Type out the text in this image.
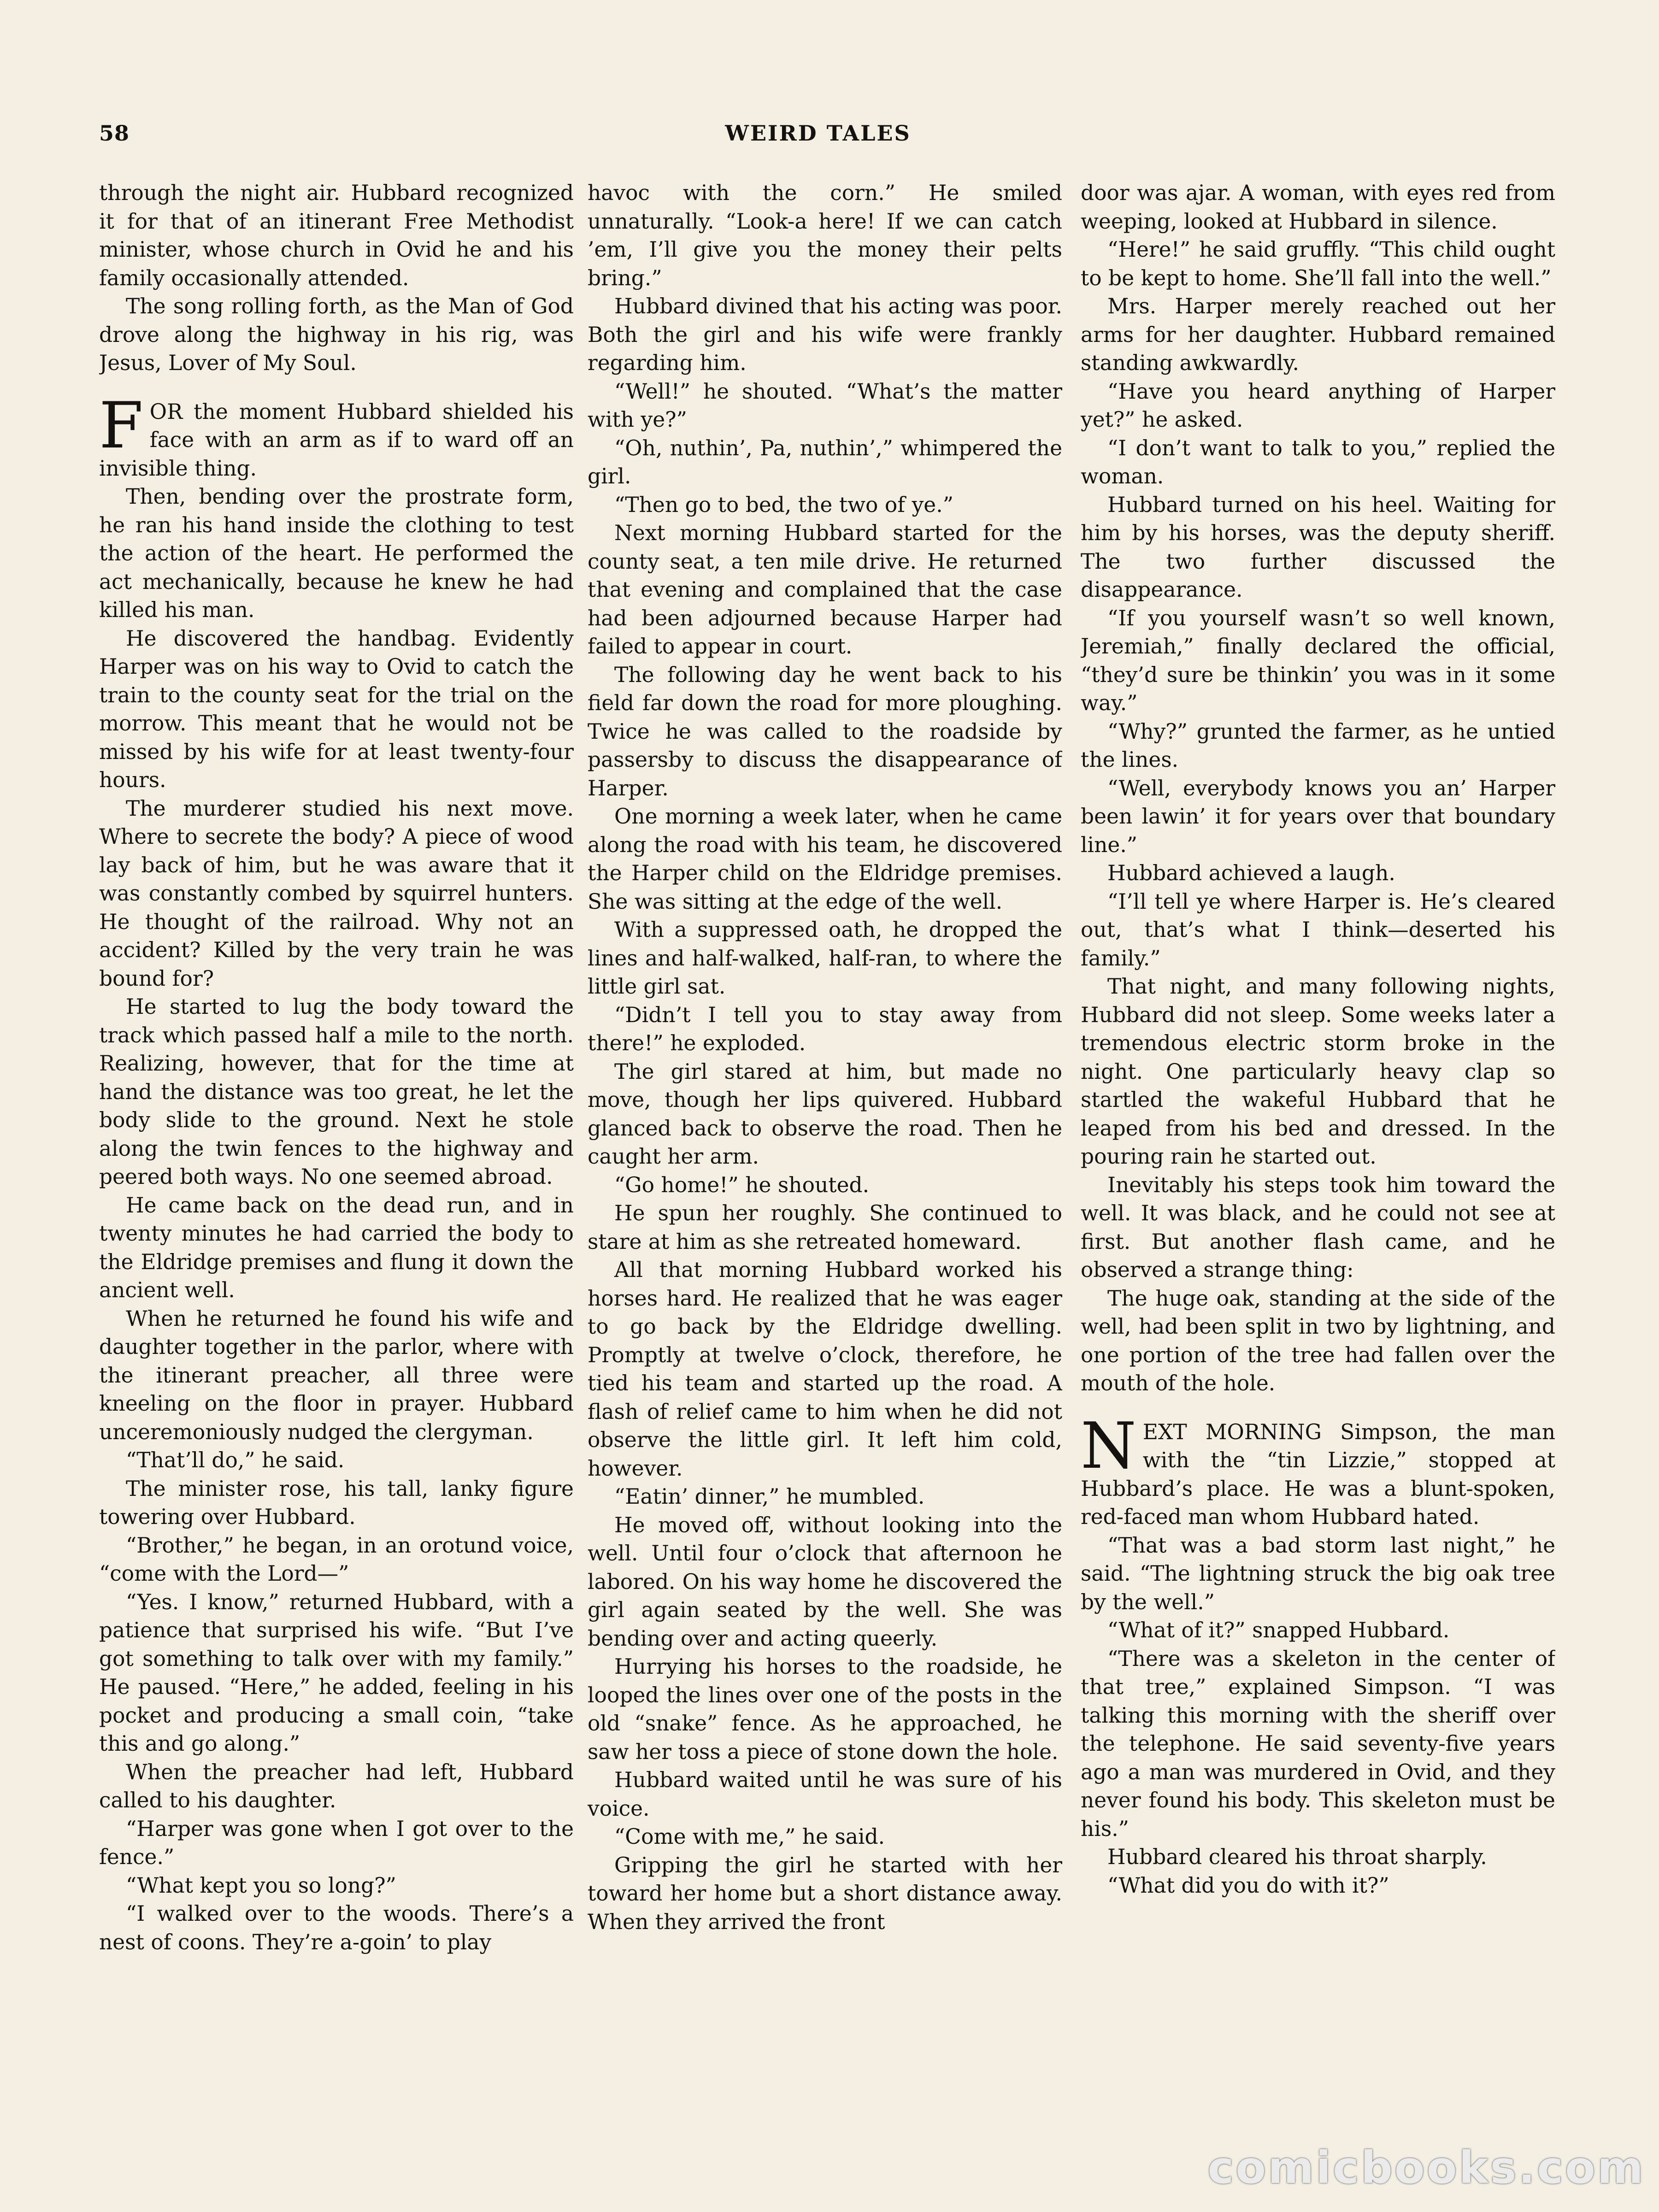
58	WEIRD TALES

through the night air. Hubbard recognized it for that of an itinerant Free Methodist minister, whose church in Ovid he and his family occasionally attended.

The song rolling forth, as the Man of God drove along the highway in his rig, was Jesus, Lover of My Soul.

FOR the moment Hubbard shielded his face with an arm as if to ward off an invisible thing.

Then, bending over the prostrate form, he ran his hand inside the clothing to test the action of the heart. He performed the act mechanically, because he knew he had killed his man.

He discovered the handbag. Evidently Harper was on his way to Ovid to catch the train to the county seat for the trial on the morrow. This meant that he would not be missed by his wife for at least twenty-four hours.

The murderer studied his next move. Where to secrete the body? A piece of wood lay back of him, but he was aware that it was constantly combed by squirrel hunters. He thought of the railroad. Why not an accident? Killed by the very train he was bound for?

He started to lug the body toward the track which passed half a mile to the north. Realizing, however, that for the time at hand the distance was too great, he let the body slide to the ground. Next he stole along the twin fences to the highway and peered both ways. No one seemed abroad.

He came back on the dead run, and in twenty minutes he had carried the body to the Eldridge premises and flung it down the ancient well.

When he returned he found his wife and daughter together in the parlor, where with the itinerant preacher, all three were kneeling on the floor in prayer. Hubbard unceremoniously nudged the clergyman.

“That’ll do,” he said.

The minister rose, his tall, lanky figure towering over Hubbard.

“Brother,” he began, in an orotund voice, “come with the Lord—”

“Yes. I know,” returned Hubbard, with a patience that surprised his wife. “But I’ve got something to talk over with my family.” He paused. “Here,” he added, feeling in his pocket and producing a small coin, “take this and go along.”

When the preacher had left, Hubbard called to his daughter.

“Harper was gone when I got over to the fence.”

“What kept you so long?”

“I walked over to the woods. There’s a nest of coons. They’re a-goin’ to play

havoc with the corn.” He smiled unnaturally. “Look-a here! If we can catch ’em, I’ll give you the money their pelts bring.”

Hubbard divined that his acting was poor. Both the girl and his wife were frankly regarding him.

“Well!” he shouted. “What’s the matter with ye?”

“Oh, nuthin’, Pa, nuthin’,” whimpered the girl.

“Then go to bed, the two of ye.”

Next morning Hubbard started for the county seat, a ten mile drive. He returned that evening and complained that the case had been adjourned because Harper had failed to appear in court.

The following day he went back to his field far down the road for more ploughing. Twice he was called to the roadside by passersby to discuss the disappearance of Harper.

One morning a week later, when he came along the road with his team, he discovered the Harper child on the Eldridge premises. She was sitting at the edge of the well.

With a suppressed oath, he dropped the lines and half-walked, half-ran, to where the little girl sat.

“Didn’t I tell you to stay away from there!” he exploded.

The girl stared at him, but made no move, though her lips quivered. Hubbard glanced back to observe the road. Then he caught her arm.

“Go home!” he shouted.

He spun her roughly. She continued to stare at him as she retreated homeward.

All that morning Hubbard worked his horses hard. He realized that he was eager to go back by the Eldridge dwelling. Promptly at twelve o’clock, therefore, he tied his team and started up the road. A flash of relief came to him when he did not observe the little girl. It left him cold, however.

“Eatin’ dinner,” he mumbled.

He moved off, without looking into the well. Until four o’clock that afternoon he labored. On his way home he discovered the girl again seated by the well. She was bending over and acting queerly.

Hurrying his horses to the roadside, he looped the lines over one of the posts in the old “snake” fence. As he approached, he saw her toss a piece of stone down the hole.

Hubbard waited until he was sure of his voice.

“Come with me,” he said.

Gripping the girl he started with her toward her home but a short distance away. When they arrived the front

door was ajar. A woman, with eyes red from weeping, looked at Hubbard in silence.

“Here!” he said gruffly. “This child ought to be kept to home. She’ll fall into the well.”

Mrs. Harper merely reached out her arms for her daughter. Hubbard remained standing awkwardly.

“Have you heard anything of Harper yet?” he asked.

“I don’t want to talk to you,” replied the woman.

Hubbard turned on his heel. Waiting for him by his horses, was the deputy sheriff. The two further discussed the disappearance.

“If you yourself wasn’t so well known, Jeremiah,” finally declared the official, “they’d sure be thinkin’ you was in it some way.”

“Why?” grunted the farmer, as he untied the lines.

“Well, everybody knows you an’ Harper been lawin’ it for years over that boundary line.”

Hubbard achieved a laugh.

“I’ll tell ye where Harper is. He’s cleared out, that’s what I think—deserted his family.”

That night, and many following nights, Hubbard did not sleep. Some weeks later a tremendous electric storm broke in the night. One particularly heavy clap so startled the wakeful Hubbard that he leaped from his bed and dressed. In the pouring rain he started out.

Inevitably his steps took him toward the well. It was black, and he could not see at first. But another flash came, and he observed a strange thing:

The huge oak, standing at the side of the well, had been split in two by lightning, and one portion of the tree had fallen over the mouth of the hole.

NEXT MORNING Simpson, the man with the “tin Lizzie,” stopped at Hubbard’s place. He was a blunt-spoken, red-faced man whom Hubbard hated.

“That was a bad storm last night,” he said. “The lightning struck the big oak tree by the well.”

“What of it?” snapped Hubbard.

“There was a skeleton in the center of that tree,” explained Simpson. “I was talking this morning with the sheriff over the telephone. He said seventy-five years ago a man was murdered in Ovid, and they never found his body. This skeleton must be his.”

Hubbard cleared his throat sharply.

“What did you do with it?”

comicbooks.com
